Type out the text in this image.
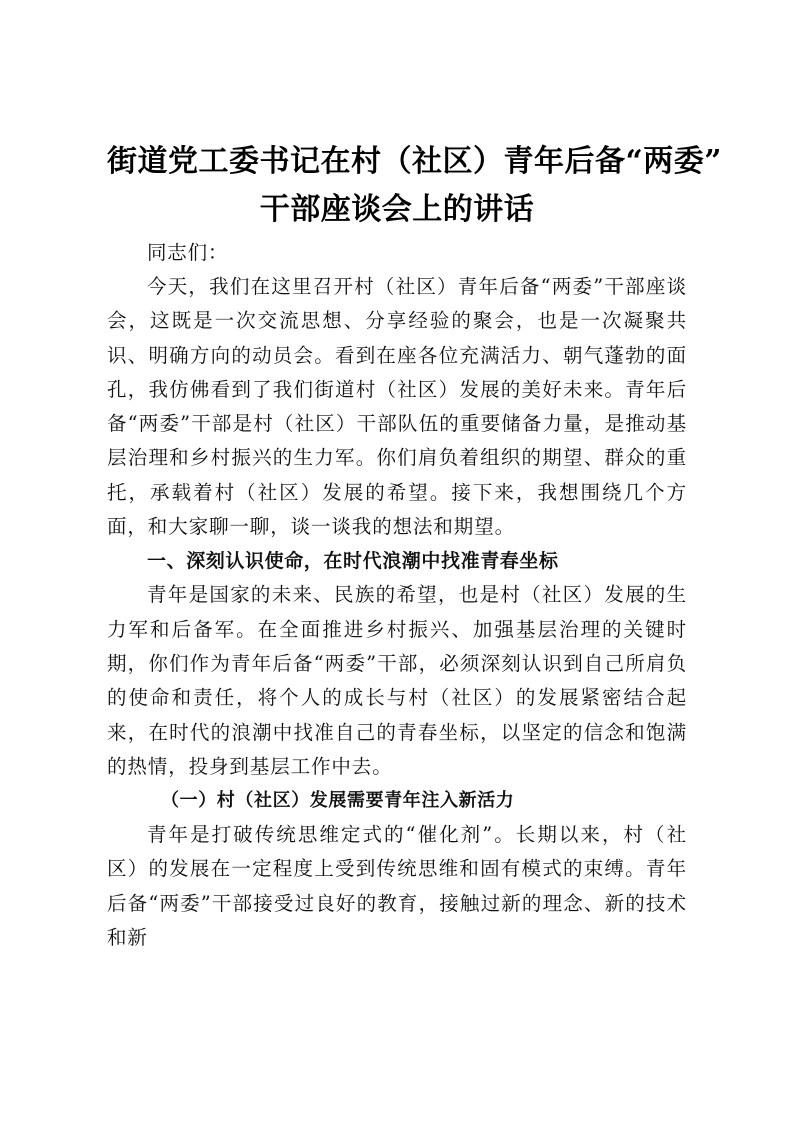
街道党工委书记在村（社区）青年后备“两委”
干部座谈会上的讲话

同志们：

今天，我们在这里召开村（社区）青年后备“两委”干部座谈会，这既是一次交流思想、分享经验的聚会，也是一次凝聚共识、明确方向的动员会。看到在座各位充满活力、朝气蓬勃的面孔，我仿佛看到了我们街道村（社区）发展的美好未来。青年后备“两委”干部是村（社区）干部队伍的重要储备力量，是推动基层治理和乡村振兴的生力军。你们肩负着组织的期望、群众的重托，承载着村（社区）发展的希望。接下来，我想围绕几个方面，和大家聊一聊，谈一谈我的想法和期望。

一、深刻认识使命，在时代浪潮中找准青春坐标

青年是国家的未来、民族的希望，也是村（社区）发展的生力军和后备军。在全面推进乡村振兴、加强基层治理的关键时期，你们作为青年后备“两委”干部，必须深刻认识到自己所肩负的使命和责任，将个人的成长与村（社区）的发展紧密结合起来，在时代的浪潮中找准自己的青春坐标，以坚定的信念和饱满的热情，投身到基层工作中去。

（一）村（社区）发展需要青年注入新活力

青年是打破传统思维定式的“催化剂”。长期以来，村（社区）的发展在一定程度上受到传统思维和固有模式的束缚。青年后备“两委”干部接受过良好的教育，接触过新的理念、新的技术和新
